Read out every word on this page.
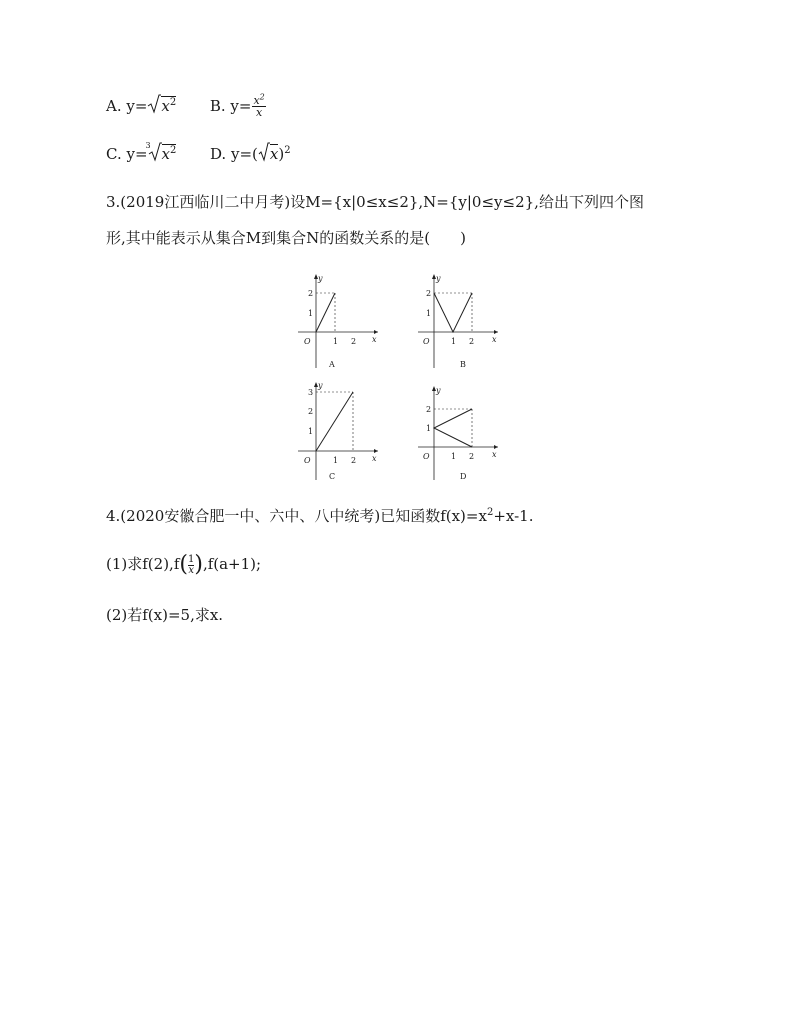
A. $y= x^2$ B. $y= \frac{x^2}{x}$
C. y=
3 $x^2$ D. y=( x)$^2$
3.(2019江西临川二中月考)设M={x|0≤x≤2},N={y|0≤y≤2},给出下列四个图
形,其中能表示从集合M到集合N的函数关系的是(　　)
y
x
O
1
2
1 2
A
y
x
O
1
2
1 2
B
y
x
O
1
2
3
1 2
C
y
x
O
1
2
1 2
D
4.(2020安徽合肥一中、六中、八中统考)已知函数$f(x)=x^2+x-1$.
(1)求f(2),f ( $\frac{1}{x}$ ) ,f(a+1);
(2)若f(x)=5,求x.
